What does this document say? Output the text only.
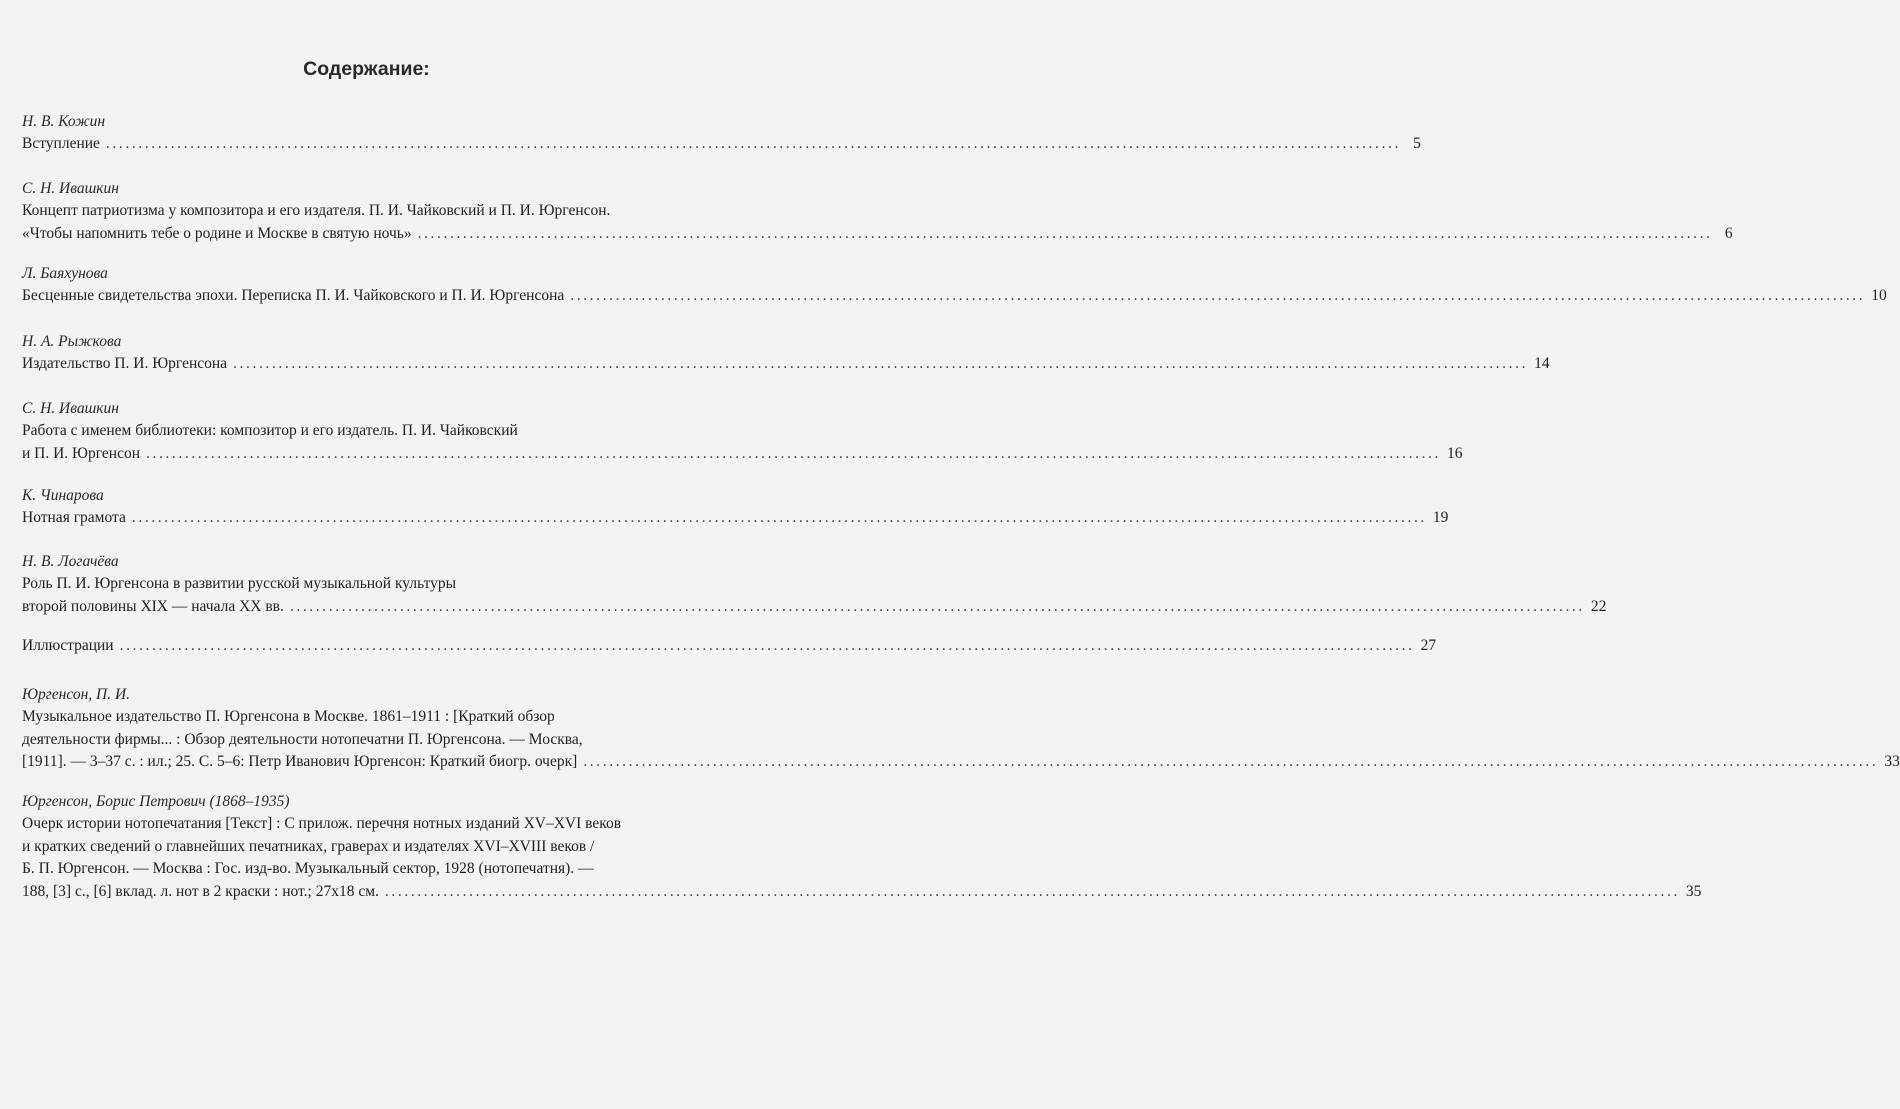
Содержание:
Н. В. Кожин
Вступление ........................................................................................................................................................................................................ 5
С. Н. Ивашкин
Концепт патриотизма у композитора и его издателя. П. И. Чайковский и П. И. Юргенсон.
«Чтобы напомнить тебе о родине и Москве в святую ночь» ........................................................................................................................................................................................................ 6
Л. Баяхунова
Бесценные свидетельства эпохи. Переписка П. И. Чайковского и П. И. Юргенсона ........................................................................................................................................................................................................ 10
Н. А. Рыжкова
Издательство П. И. Юргенсона ........................................................................................................................................................................................................ 14
С. Н. Ивашкин
Работа с именем библиотеки: композитор и его издатель. П. И. Чайковский
и П. И. Юргенсон ........................................................................................................................................................................................................ 16
К. Чинарова
Нотная грамота ........................................................................................................................................................................................................ 19
Н. В. Логачёва
Роль П. И. Юргенсона в развитии русской музыкальной культуры
второй половины XIX — начала XX вв. ........................................................................................................................................................................................................ 22
Иллюстрации ........................................................................................................................................................................................................ 27
Юргенсон, П. И.
Музыкальное издательство П. Юргенсона в Москве. 1861–1911 : [Краткий обзор
деятельности фирмы... : Обзор деятельности нотопечатни П. Юргенсона. — Москва,
[1911]. — 3–37 с. : ил.; 25. С. 5–6: Петр Иванович Юргенсон: Краткий биогр. очерк] ........................................................................................................................................................................................................ 33
Юргенсон, Борис Петрович (1868–1935)
Очерк истории нотопечатания [Текст] : С прилож. перечня нотных изданий XV–XVI веков
и кратких сведений о главнейших печатниках, граверах и издателях XVI–XVIII веков /
Б. П. Юргенсон. — Москва : Гос. изд-во. Музыкальный сектор, 1928 (нотопечатня). —
188, [3] с., [6] вклад. л. нот в 2 краски : нот.; 27х18 см. ........................................................................................................................................................................................................ 35
